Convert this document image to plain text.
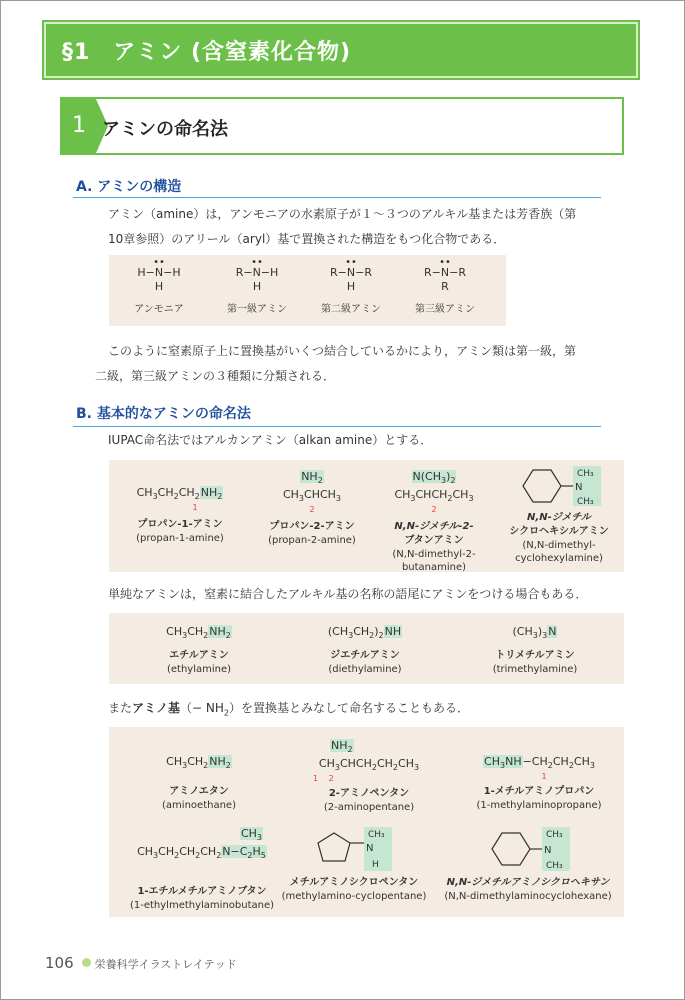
§1　アミン (含窒素化合物)
1 アミンの命名法
A. アミンの構造
アミン（amine）は，アンモニアの水素原子が１〜３つのアルキル基または芳香族（第
10章参照）のアリール（aryl）基で置換された構造をもつ化合物である．
••
H−N−H
H
アンモニア
••
R−N−H
H
第一級アミン
••
R−N−R
H
第二級アミン
••
R−N−R
R
第三級アミン
このように窒素原子上に置換基がいくつ結合しているかにより，アミン類は第一級，第
二級，第三級アミンの３種類に分類される．
B. 基本的なアミンの命名法
IUPAC命名法ではアルカンアミン（alkan amine）とする．
$CH_3CH_2CH_2NH_2$
1
プロパン-1-アミン
(propan-1-amine)
$NH_2$
$CH_3CHCH_3$
2
プロパン-2-アミン
(propan-2-amine)
$N(CH_3)_2$
$CH_3CHCH_2CH_3$
2
N,N-ジメチル-2-
ブタンアミン
(N,N-dimethyl-2-
butanamine)
CH₃
N
CH₃
N,N-ジメチル
シクロヘキシルアミン
(N,N-dimethyl-
cyclohexylamine)
単純なアミンは，窒素に結合したアルキル基の名称の語尾にアミンをつける場合もある．
$CH_3CH_2NH_2$
エチルアミン
(ethylamine)
$(CH_3CH_2)_2NH$
ジエチルアミン
(diethylamine)
$(CH_3)_3N$
トリメチルアミン
(trimethylamine)
またアミノ基（− $NH_2$）を置換基とみなして命名することもある．
$CH_3CH_2NH_2$
アミノエタン
(aminoethane)
$NH_2$
$CH_3CHCH_2CH_2CH_3$
1　 2
2-アミノペンタン
(2-aminopentane)
$CH_3NH-CH_2CH_2CH_3$
1
1-メチルアミノプロパン
(1-methylaminopropane)
$CH_3$
$CH_3CH_2CH_2CH_2N-C_2H_5$
1-エチルメチルアミノブタン
(1-ethylmethylaminobutane)
CH₃
N
H
メチルアミノシクロペンタン
(methylamino-cyclopentane)
CH₃
N
CH₃
N,N-ジメチルアミノシクロヘキサン
(N,N-dimethylaminocyclohexane)
106 栄養科学イラストレイテッド
